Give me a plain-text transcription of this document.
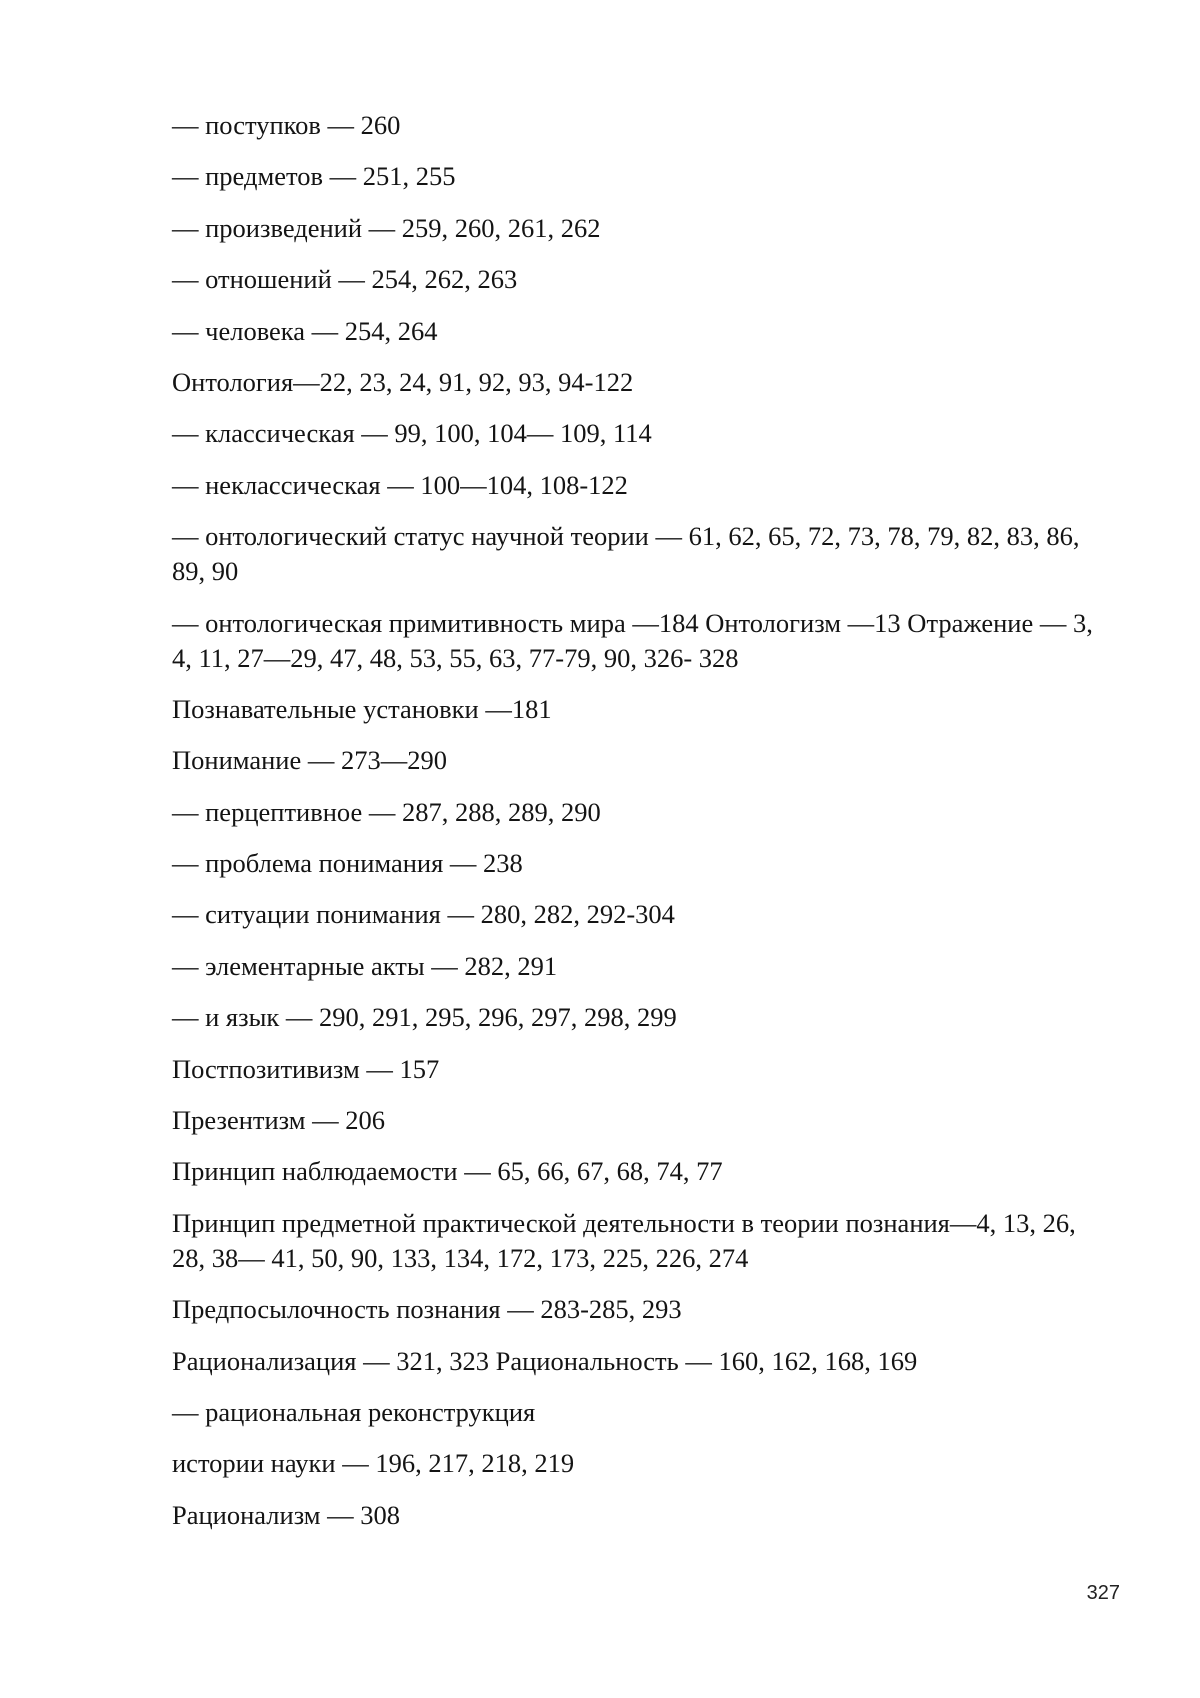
— поступков — 260
— предметов — 251, 255
— произведений — 259, 260, 261, 262
— отношений — 254, 262, 263
— человека — 254, 264
Онтология—22, 23, 24, 91, 92, 93, 94-122
— классическая — 99, 100, 104— 109, 114
— неклассическая — 100—104, 108-122
— онтологический статус научной теории — 61, 62, 65, 72, 73, 78, 79, 82, 83, 86, 89, 90
— онтологическая примитивность мира —184 Онтологизм —13 Отражение — 3, 4, 11, 27—29, 47, 48, 53, 55, 63, 77-79, 90, 326- 328
Познавательные установки —181
Понимание — 273—290
— перцептивное — 287, 288, 289, 290
— проблема понимания — 238
— ситуации понимания — 280, 282, 292-304
— элементарные акты — 282, 291
— и язык — 290, 291, 295, 296, 297, 298, 299
Постпозитивизм — 157
Презентизм — 206
Принцип наблюдаемости — 65, 66, 67, 68, 74, 77
Принцип предметной практической деятельности в теории познания—4, 13, 26, 28, 38— 41, 50, 90, 133, 134, 172, 173, 225, 226, 274
Предпосылочность познания — 283-285, 293
Рационализация — 321, 323 Рациональность — 160, 162, 168, 169
— рациональная реконструкция
истории науки — 196, 217, 218, 219
Рационализм — 308
327
